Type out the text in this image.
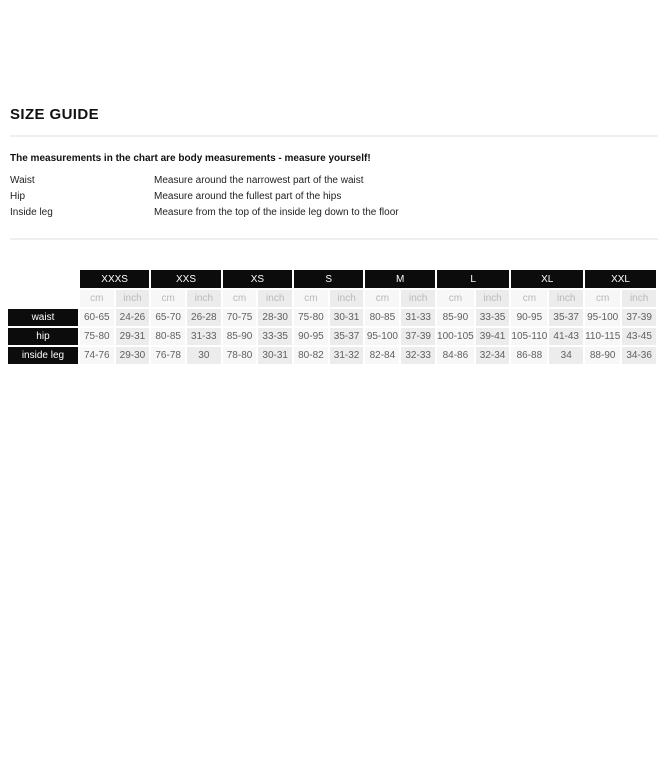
SIZE GUIDE

The measurements in the chart are body measurements - measure yourself!

Waist	Measure around the narrowest part of the waist
Hip	Measure around the fullest part of the hips
Inside leg	Measure from the top of the inside leg down to the floor
	XXXS		XXS		XS		S		M		L		XL		XXL	
	cm	inch	cm	inch	cm	inch	cm	inch	cm	inch	cm	inch	cm	inch	cm	inch
waist	60-65	24-26	65-70	26-28	70-75	28-30	75-80	30-31	80-85	31-33	85-90	33-35	90-95	35-37	95-100	37-39
hip	75-80	29-31	80-85	31-33	85-90	33-35	90-95	35-37	95-100	37-39	100-105	39-41	105-110	41-43	110-115	43-45
inside leg	74-76	29-30	76-78	30	78-80	30-31	80-82	31-32	82-84	32-33	84-86	32-34	86-88	34	88-90	34-36
